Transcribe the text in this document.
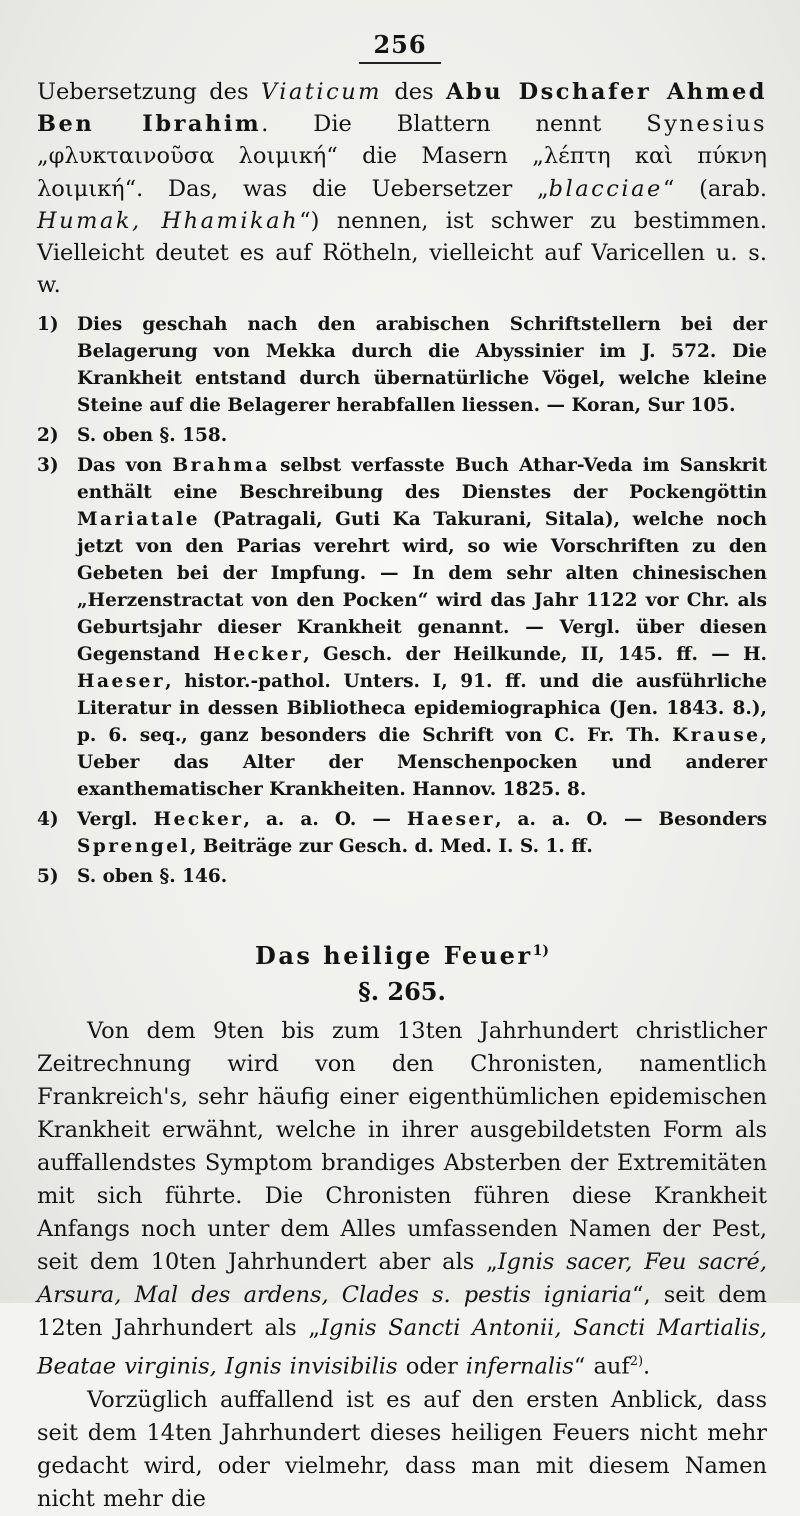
256

Uebersetzung des Viaticum des Abu Dschafer Ahmed Ben Ibrahim. Die Blattern nennt Synesius „φλυκταινοῦσα λοιμική“ die Masern „λέπτη καὶ πύκνη λοιμική“. Das, was die Uebersetzer „blacciae“ (arab. Humak, Hhamikah“) nennen, ist schwer zu bestimmen. Vielleicht deutet es auf Rötheln, vielleicht auf Varicellen u. s. w.

1) Dies geschah nach den arabischen Schriftstellern bei der Belagerung von Mekka durch die Abyssinier im J. 572. Die Krankheit entstand durch übernatürliche Vögel, welche kleine Steine auf die Belagerer herabfallen liessen. — Koran, Sur 105.
2) S. oben §. 158.
3) Das von Brahma selbst verfasste Buch Athar-Veda im Sanskrit enthält eine Beschreibung des Dienstes der Pockengöttin Mariatale (Patragali, Guti Ka Takurani, Sitala), welche noch jetzt von den Parias verehrt wird, so wie Vorschriften zu den Gebeten bei der Impfung. — In dem sehr alten chinesischen „Herzenstractat von den Pocken“ wird das Jahr 1122 vor Chr. als Geburtsjahr dieser Krankheit genannt. — Vergl. über diesen Gegenstand Hecker, Gesch. der Heilkunde, II, 145. ff. — H. Haeser, histor.-pathol. Unters. I, 91. ff. und die ausführliche Literatur in dessen Bibliotheca epidemiographica (Jen. 1843. 8.), p. 6. seq., ganz besonders die Schrift von C. Fr. Th. Krause, Ueber das Alter der Menschenpocken und anderer exanthematischer Krankheiten. Hannov. 1825. 8.
4) Vergl. Hecker, a. a. O. — Haeser, a. a. O. — Besonders Sprengel, Beiträge zur Gesch. d. Med. I. S. 1. ff.
5) S. oben §. 146.
Das heilige Feuer$^{1)}$
§. 265.

Von dem 9ten bis zum 13ten Jahrhundert christlicher Zeitrechnung wird von den Chronisten, namentlich Frankreich's, sehr häufig einer eigenthümlichen epidemischen Krankheit erwähnt, welche in ihrer ausgebildetsten Form als auffallendstes Symptom brandiges Absterben der Extremitäten mit sich führte. Die Chronisten führen diese Krankheit Anfangs noch unter dem Alles umfassenden Namen der Pest, seit dem 10ten Jahrhundert aber als „Ignis sacer, Feu sacré, Arsura, Mal des ardens, Clades s. pestis igniaria“, seit dem 12ten Jahrhundert als „Ignis Sancti Antonii, Sancti Martialis, Beatae virginis, Ignis invisibilis oder infernalis“ auf$^{2)}$.

Vorzüglich auffallend ist es auf den ersten Anblick, dass seit dem 14ten Jahrhundert dieses heiligen Feuers nicht mehr gedacht wird, oder vielmehr, dass man mit diesem Namen nicht mehr die
